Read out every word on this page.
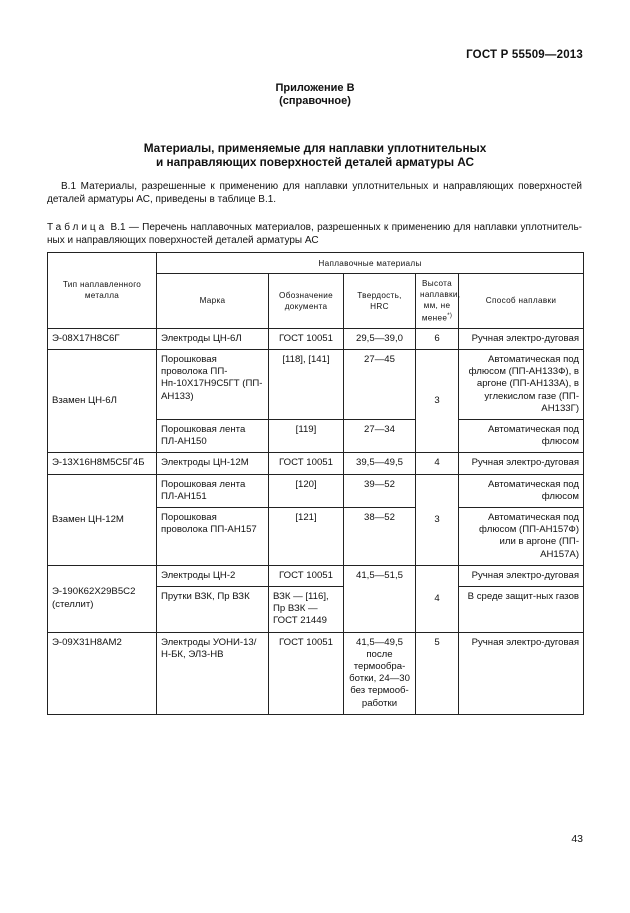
ГОСТ Р 55509—2013
Приложение В
(справочное)
Материалы, применяемые для наплавки уплотнительных
и направляющих поверхностей деталей арматуры АС
В.1 Материалы, разрешенные к применению для наплавки уплотнительных и направляющих поверхностей деталей арматуры АС, приведены в таблице В.1.
Таблица В.1 — Перечень наплавочных материалов, разрешенных к применению для наплавки уплотнитель-ных и направляющих поверхностей деталей арматуры АС
Тип наплавленного металла	Наплавочные материалы				
	Марка	Обозначение документа	Твердость, HRC	Высота наплавки, мм, не менее*)	Способ наплавки
Э-08Х17Н8С6Г	Электроды ЦН-6Л	ГОСТ 10051	29,5—39,0	6	Ручная электро-дуговая
Взамен ЦН-6Л	Порошковая проволока ПП-Нп-10Х17Н9С5ГТ (ПП-АН133)	[118], [141]	27—45	3	Автоматическая под флюсом (ПП-АН133Ф), в аргоне (ПП-АН133А), в углекислом газе (ПП-АН133Г)
	Порошковая лента ПЛ-АН150	[119]	27—34		Автоматическая под флюсом
Э-13Х16Н8М5С5Г4Б	Электроды ЦН-12М	ГОСТ 10051	39,5—49,5	4	Ручная электро-дуговая
Взамен ЦН-12М	Порошковая лента ПЛ-АН151	[120]	39—52	3	Автоматическая под флюсом
	Порошковая проволока ПП-АН157	[121]	38—52		Автоматическая под флюсом (ПП-АН157Ф) или в аргоне (ПП-АН157А)
Э-190К62Х29В5С2 (стеллит)	Электроды ЦН-2	ГОСТ 10051	41,5—51,5	4	Ручная электро-дуговая
	Прутки ВЗК, Пр ВЗК	ВЗК — [116], Пр ВЗК — ГОСТ 21449			В среде защит-ных газов
Э-09Х31Н8АМ2	Электроды УОНИ-13/Н-БК, ЭЛЗ-НВ	ГОСТ 10051	41,5—49,5 после термообра-ботки, 24—30 без термооб-работки	5	Ручная электро-дуговая
43
